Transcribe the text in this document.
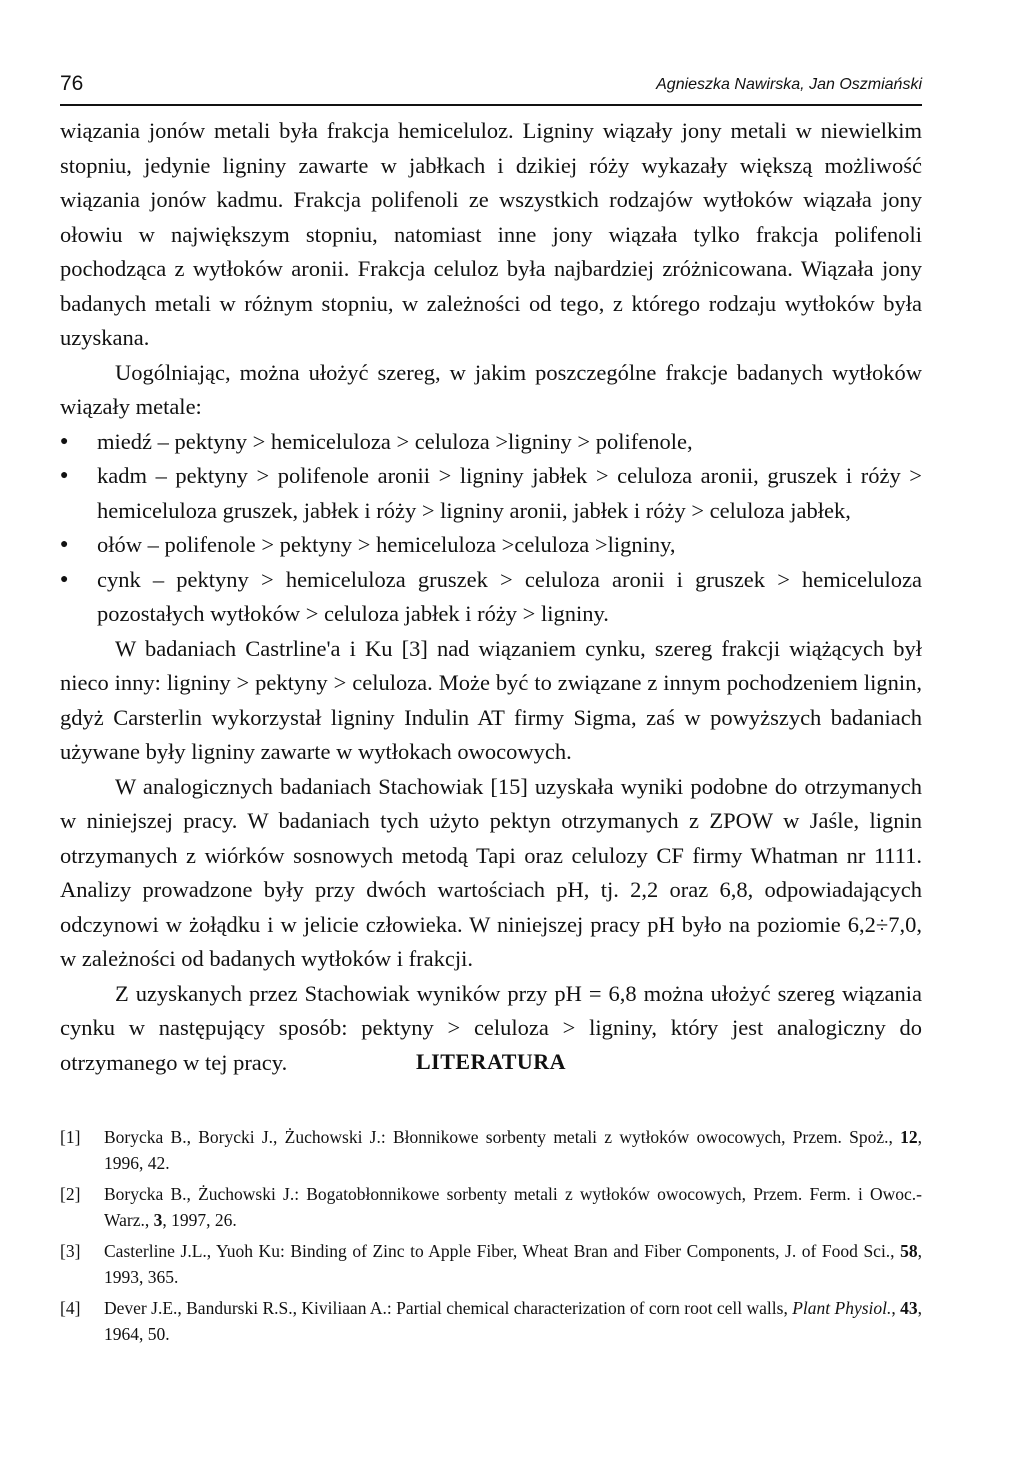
76	Agnieszka Nawirska, Jan Oszmiański

wiązania jonów metali była frakcja hemiceluloz. Ligniny wiązały jony metali w niewielkim stopniu, jedynie ligniny zawarte w jabłkach i dzikiej róży wykazały większą możliwość wiązania jonów kadmu. Frakcja polifenoli ze wszystkich rodzajów wytłoków wiązała jony ołowiu w największym stopniu, natomiast inne jony wiązała tylko frakcja polifenoli pochodząca z wytłoków aronii. Frakcja celuloz była najbardziej zróżnicowana. Wiązała jony badanych metali w różnym stopniu, w zależności od tego, z którego rodzaju wytłoków była uzyskana.

Uogólniając, można ułożyć szereg, w jakim poszczególne frakcje badanych wytłoków wiązały metale:

● miedź – pektyny > hemiceluloza > celuloza >ligniny > polifenole,
● kadm – pektyny > polifenole aronii > ligniny jabłek > celuloza aronii, gruszek i róży > hemiceluloza gruszek, jabłek i róży > ligniny aronii, jabłek i róży > celuloza jabłek,
● ołów – polifenole > pektyny > hemiceluloza >celuloza >ligniny,
● cynk – pektyny > hemiceluloza gruszek > celuloza aronii i gruszek > hemiceluloza pozostałych wytłoków > celuloza jabłek i róży > ligniny.

W badaniach Castrline'a i Ku [3] nad wiązaniem cynku, szereg frakcji wiążących był nieco inny: ligniny > pektyny > celuloza. Może być to związane z innym pochodzeniem lignin, gdyż Carsterlin wykorzystał ligniny Indulin AT firmy Sigma, zaś w powyższych badaniach używane były ligniny zawarte w wytłokach owocowych.

W analogicznych badaniach Stachowiak [15] uzyskała wyniki podobne do otrzymanych w niniejszej pracy. W badaniach tych użyto pektyn otrzymanych z ZPOW w Jaśle, lignin otrzymanych z wiórków sosnowych metodą Tapi oraz celulozy CF firmy Whatman nr 1111. Analizy prowadzone były przy dwóch wartościach pH, tj. 2,2 oraz 6,8, odpowiadających odczynowi w żołądku i w jelicie człowieka. W niniejszej pracy pH było na poziomie 6,2÷7,0, w zależności od badanych wytłoków i frakcji.

Z uzyskanych przez Stachowiak wyników przy pH = 6,8 można ułożyć szereg wiązania cynku w następujący sposób: pektyny > celuloza > ligniny, który jest analogiczny do otrzymanego w tej pracy.	LITERATURA
[1] Borycka B., Borycki J., Żuchowski J.: Błonnikowe sorbenty metali z wytłoków owocowych, Przem. Spoż., 12, 1996, 42.
[2] Borycka B., Żuchowski J.: Bogatobłonnikowe sorbenty metali z wytłoków owocowych, Przem. Ferm. i Owoc.-Warz., 3, 1997, 26.
[3] Casterline J.L., Yuoh Ku: Binding of Zinc to Apple Fiber, Wheat Bran and Fiber Components, J. of Food Sci., 58, 1993, 365.
[4] Dever J.E., Bandurski R.S., Kiviliaan A.: Partial chemical characterization of corn root cell walls, Plant Physiol., 43, 1964, 50.
